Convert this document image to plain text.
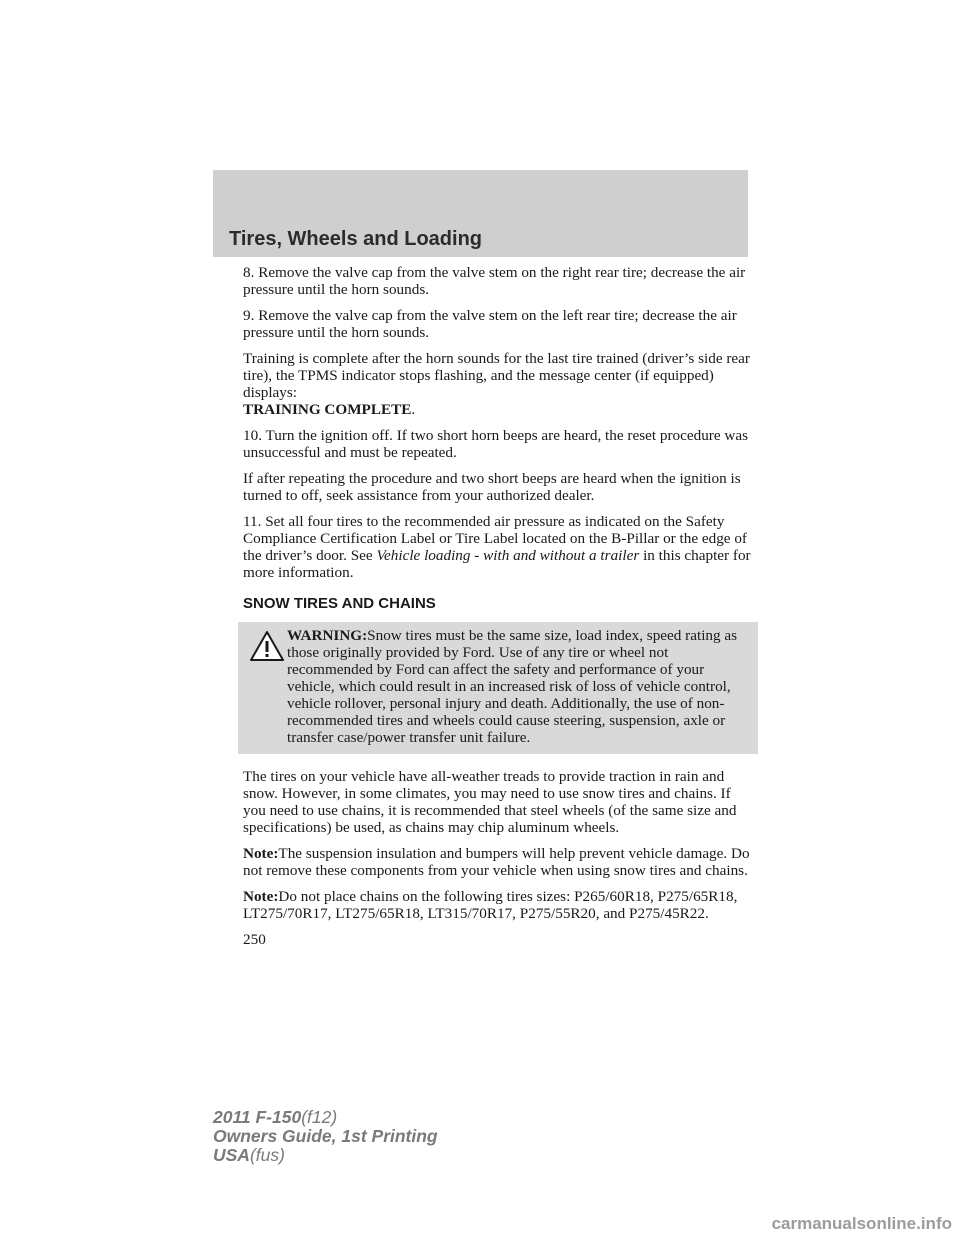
Tires, Wheels and Loading

8. Remove the valve cap from the valve stem on the right rear tire; decrease the air pressure until the horn sounds.

9. Remove the valve cap from the valve stem on the left rear tire; decrease the air pressure until the horn sounds.

Training is complete after the horn sounds for the last tire trained (driver’s side rear tire), the TPMS indicator stops flashing, and the message center (if equipped) displays:
TRAINING COMPLETE.

10. Turn the ignition off. If two short horn beeps are heard, the reset procedure was unsuccessful and must be repeated.

If after repeating the procedure and two short beeps are heard when the ignition is turned to off, seek assistance from your authorized dealer.

11. Set all four tires to the recommended air pressure as indicated on the Safety Compliance Certification Label or Tire Label located on the B-Pillar or the edge of the driver’s door. See Vehicle loading - with and without a trailer in this chapter for more information.

SNOW TIRES AND CHAINS

WARNING:Snow tires must be the same size, load index, speed rating as those originally provided by Ford. Use of any tire or wheel not recommended by Ford can affect the safety and performance of your vehicle, which could result in an increased risk of loss of vehicle control, vehicle rollover, personal injury and death. Additionally, the use of non-recommended tires and wheels could cause steering, suspension, axle or transfer case/power transfer unit failure.

The tires on your vehicle have all-weather treads to provide traction in rain and snow. However, in some climates, you may need to use snow tires and chains. If you need to use chains, it is recommended that steel wheels (of the same size and specifications) be used, as chains may chip aluminum wheels.

Note:The suspension insulation and bumpers will help prevent vehicle damage. Do not remove these components from your vehicle when using snow tires and chains.

Note:Do not place chains on the following tires sizes: P265/60R18, P275/65R18, LT275/70R17, LT275/65R18, LT315/70R17, P275/55R20, and P275/45R22.

250

2011 F-150(f12)
Owners Guide, 1st Printing
USA(fus)
carmanualsonline.info
